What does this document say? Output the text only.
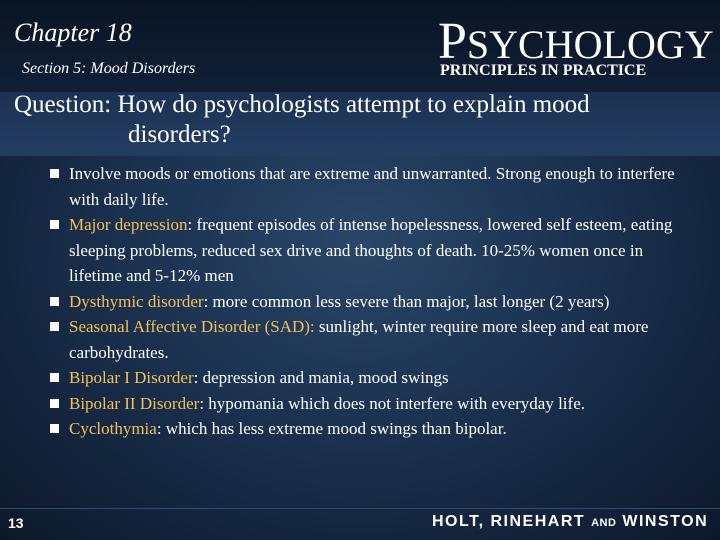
Chapter 18
Section 5: Mood Disorders	PSYCHOLOGY
PRINCIPLES IN PRACTICE
Question: How do psychologists attempt to explain mood
disorders?
Involve moods or emotions that are extreme and unwarranted. Strong enough to interfere with daily life.
Major depression: frequent episodes of intense hopelessness, lowered self esteem, eating sleeping problems, reduced sex drive and thoughts of death. 10-25% women once in lifetime and 5-12% men
Dysthymic disorder: more common less severe than major, last longer (2 years)
Seasonal Affective Disorder (SAD): sunlight, winter require more sleep and eat more carbohydrates.
Bipolar I Disorder: depression and mania, mood swings
Bipolar II Disorder: hypomania which does not interfere with everyday life.
Cyclothymia: which has less extreme mood swings than bipolar.
13	HOLT, RINEHART AND WINSTON
